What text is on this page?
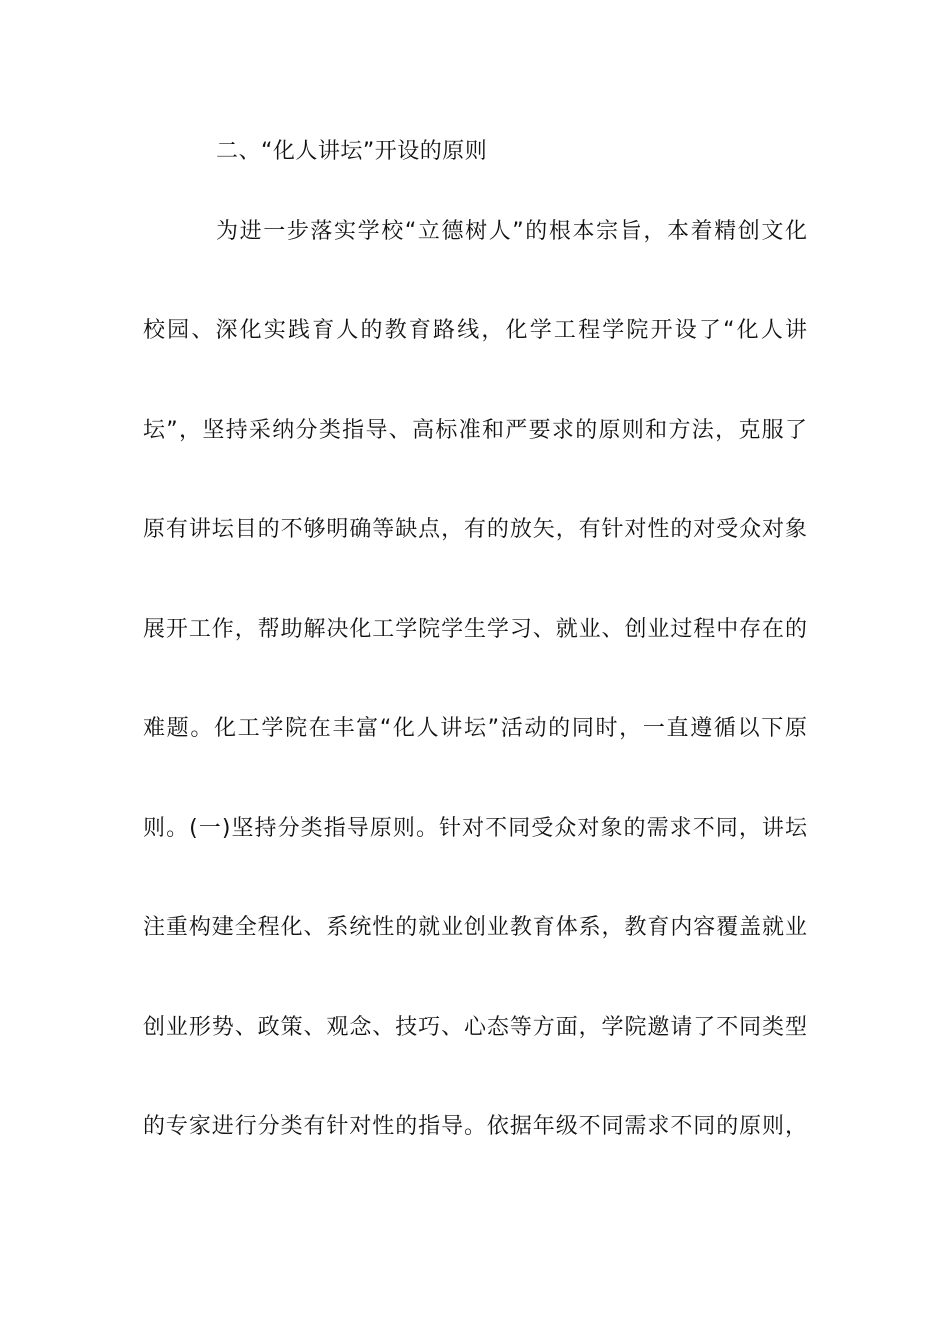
二、“化人讲坛”开设的原则
为进一步落实学校“立德树人”的根本宗旨，本着精创文化
校园、深化实践育人的教育路线，化学工程学院开设了“化人讲
坛”，坚持采纳分类指导、高标准和严要求的原则和方法，克服了
原有讲坛目的不够明确等缺点，有的放矢，有针对性的对受众对象
展开工作，帮助解决化工学院学生学习、就业、创业过程中存在的
难题。化工学院在丰富“化人讲坛”活动的同时，一直遵循以下原
则。(一)坚持分类指导原则。针对不同受众对象的需求不同，讲坛
注重构建全程化、系统性的就业创业教育体系，教育内容覆盖就业
创业形势、政策、观念、技巧、心态等方面，学院邀请了不同类型
的专家进行分类有针对性的指导。依据年级不同需求不同的原则，
